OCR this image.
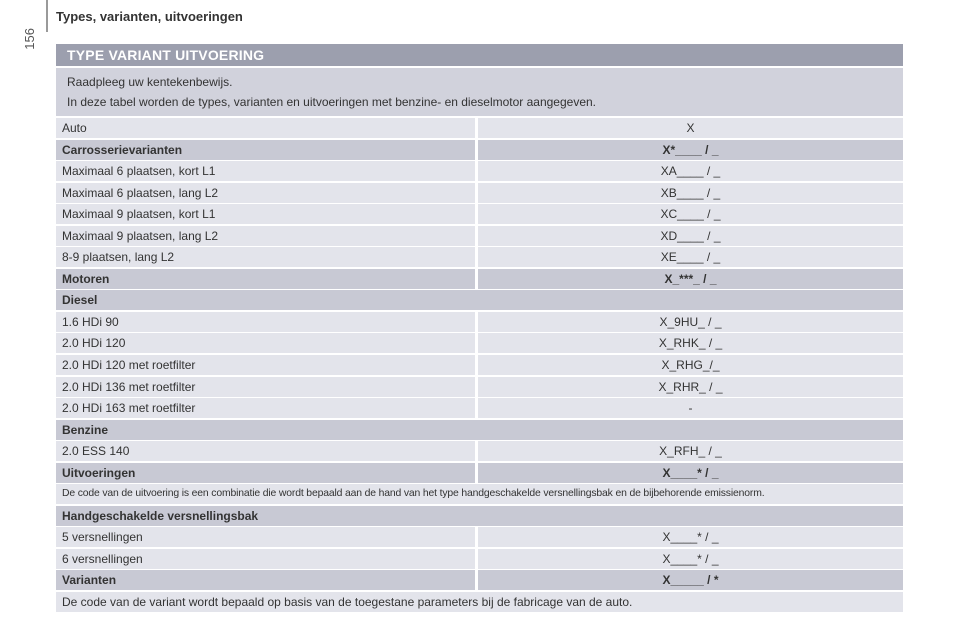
156
Types, varianten, uitvoeringen
TYPE VARIANT UITVOERING
Raadpleeg uw kentekenbewijs.
In deze tabel worden de types, varianten en uitvoeringen met benzine- en dieselmotor aangegeven.
Auto	X
Carrosserievarianten	X*____ / _
Maximaal 6 plaatsen, kort L1	XA____ / _
Maximaal 6 plaatsen, lang L2	XB____ / _
Maximaal 9 plaatsen, kort L1	XC____ / _
Maximaal 9 plaatsen, lang L2	XD____ / _
8-9 plaatsen, lang L2	XE____ / _
Motoren	X_***_ / _
Diesel
1.6 HDi 90	X_9HU_ / _
2.0 HDi 120	X_RHK_ / _
2.0 HDi 120 met roetfilter	X_RHG_/_
2.0 HDi 136 met roetfilter	X_RHR_ / _
2.0 HDi 163 met roetfilter	-
Benzine
2.0 ESS 140	X_RFH_ / _
Uitvoeringen	X____* / _
De code van de uitvoering is een combinatie die wordt bepaald aan de hand van het type handgeschakelde versnellingsbak en de bijbehorende emissienorm.
Handgeschakelde versnellingsbak
5 versnellingen	X____* / _
6 versnellingen	X____* / _
Varianten	X_____ / *
De code van de variant wordt bepaald op basis van de toegestane parameters bij de fabricage van de auto.
